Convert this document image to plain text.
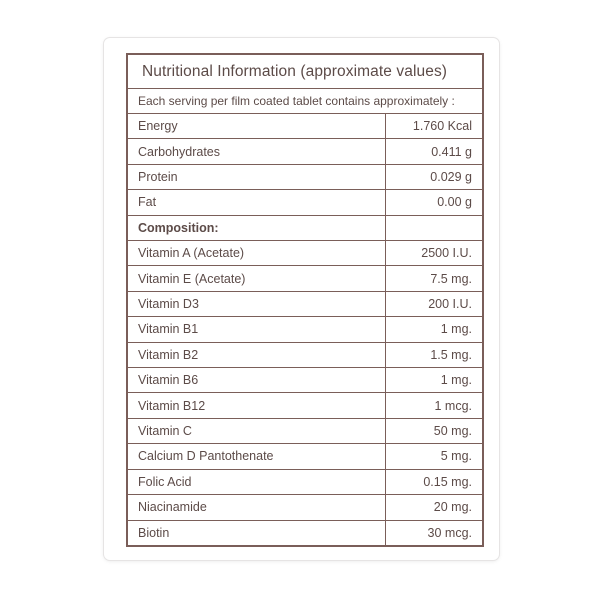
Nutritional Information (approximate values)
Each serving per film coated tablet contains approximately :
Energy	1.760 Kcal
Carbohydrates	0.411 g
Protein	0.029 g
Fat	0.00 g
Composition:
Vitamin A (Acetate)	2500 I.U.
Vitamin E (Acetate)	7.5 mg.
Vitamin D3	200 I.U.
Vitamin B1	1 mg.
Vitamin B2	1.5 mg.
Vitamin B6	1 mg.
Vitamin B12	1 mcg.
Vitamin C	50 mg.
Calcium D Pantothenate	5 mg.
Folic Acid	0.15 mg.
Niacinamide	20 mg.
Biotin	30 mcg.
